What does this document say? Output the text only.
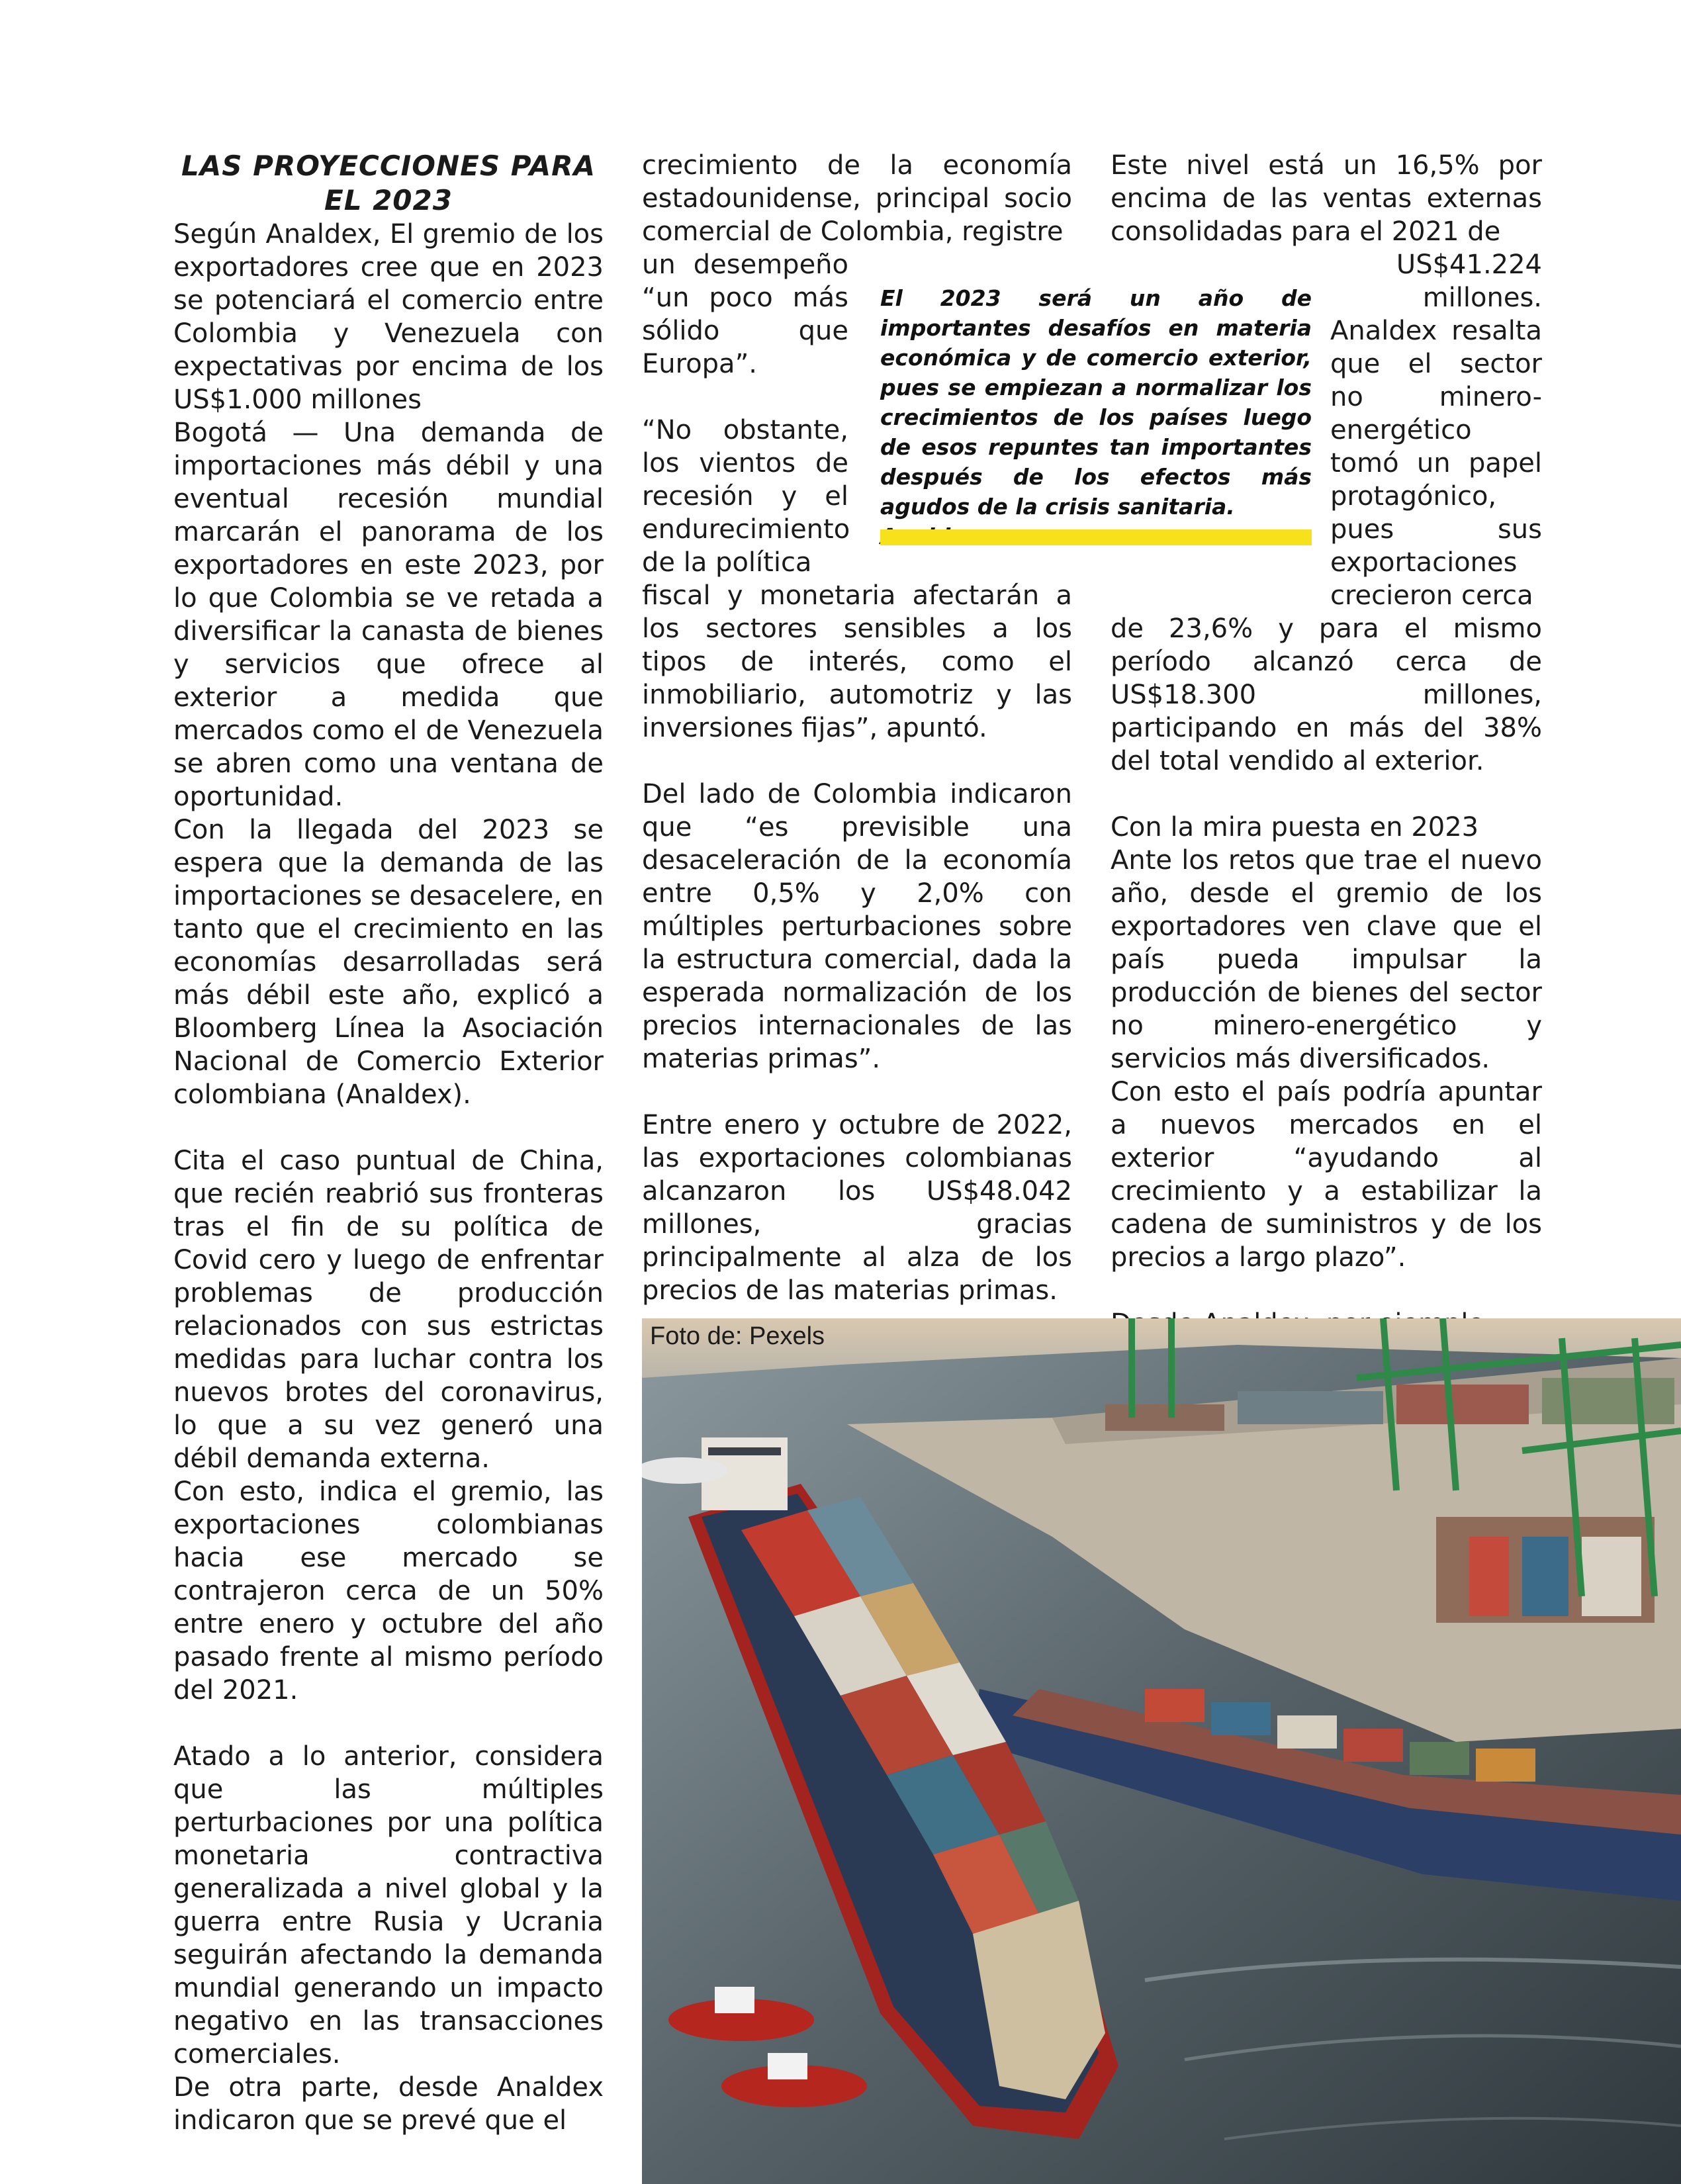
LAS PROYECCIONES PARA EL 2023

Según Analdex, El gremio de los exportadores cree que en 2023 se potenciará el comercio entre Colombia y Venezuela con expectativas por encima de los US$1.000 millones

Bogotá — Una demanda de importaciones más débil y una eventual recesión mundial marcarán el panorama de los exportadores en este 2023, por lo que Colombia se ve retada a diversificar la canasta de bienes y servicios que ofrece al exterior a medida que mercados como el de Venezuela se abren como una ventana de oportunidad.

Con la llegada del 2023 se espera que la demanda de las importaciones se desacelere, en tanto que el crecimiento en las economías desarrolladas será más débil este año, explicó a Bloomberg Línea la Asociación Nacional de Comercio Exterior colombiana (Analdex).

Cita el caso puntual de China, que recién reabrió sus fronteras tras el fin de su política de Covid cero y luego de enfrentar problemas de producción relacionados con sus estrictas medidas para luchar contra los nuevos brotes del coronavirus, lo que a su vez generó una débil demanda externa.

Con esto, indica el gremio, las exportaciones colombianas hacia ese mercado se contrajeron cerca de un 50% entre enero y octubre del año pasado frente al mismo período del 2021.

Atado a lo anterior, considera que las múltiples perturbaciones por una política monetaria contractiva generalizada a nivel global y la guerra entre Rusia y Ucrania seguirán afectando la demanda mundial generando un impacto negativo en las transacciones comerciales.

De otra parte, desde Analdex indicaron que se prevé que el

crecimiento de la economía estadounidense, principal socio comercial de Colombia, registre

un desempeño “un poco más sólido que Europa”.

“No obstante, los vientos de recesión y el endurecimiento de la política

fiscal y monetaria afectarán a los sectores sensibles a los tipos de interés, como el inmobiliario, automotriz y las inversiones fijas”, apuntó.

Del lado de Colombia indicaron que “es previsible una desaceleración de la economía entre 0,5% y 2,0% con múltiples perturbaciones sobre la estructura comercial, dada la esperada normalización de los precios internacionales de las materias primas”.

Entre enero y octubre de 2022, las exportaciones colombianas alcanzaron los US$48.042 millones, gracias principalmente al alza de los precios de las materias primas.

Este nivel está un 16,5% por encima de las ventas externas consolidadas para el 2021 de

US$41.224 millones.

Analdex resalta que el sector no minero-energético tomó un papel protagónico, pues sus exportaciones crecieron cerca

de 23,6% y para el mismo período alcanzó cerca de US$18.300 millones, participando en más del 38% del total vendido al exterior.

Con la mira puesta en 2023

Ante los retos que trae el nuevo año, desde el gremio de los exportadores ven clave que el país pueda impulsar la producción de bienes del sector no minero-energético y servicios más diversificados.

Con esto el país podría apuntar a nuevos mercados en el exterior “ayudando al crecimiento y a estabilizar la cadena de suministros y de los precios a largo plazo”.

El 2023 será un año de importantes desafíos en materia económica y de comercio exterior, pues se empiezan a normalizar los crecimientos de los países luego de esos repuntes tan importantes después de los efectos más agudos de la crisis sanitaria.
Foto de: Pexels
